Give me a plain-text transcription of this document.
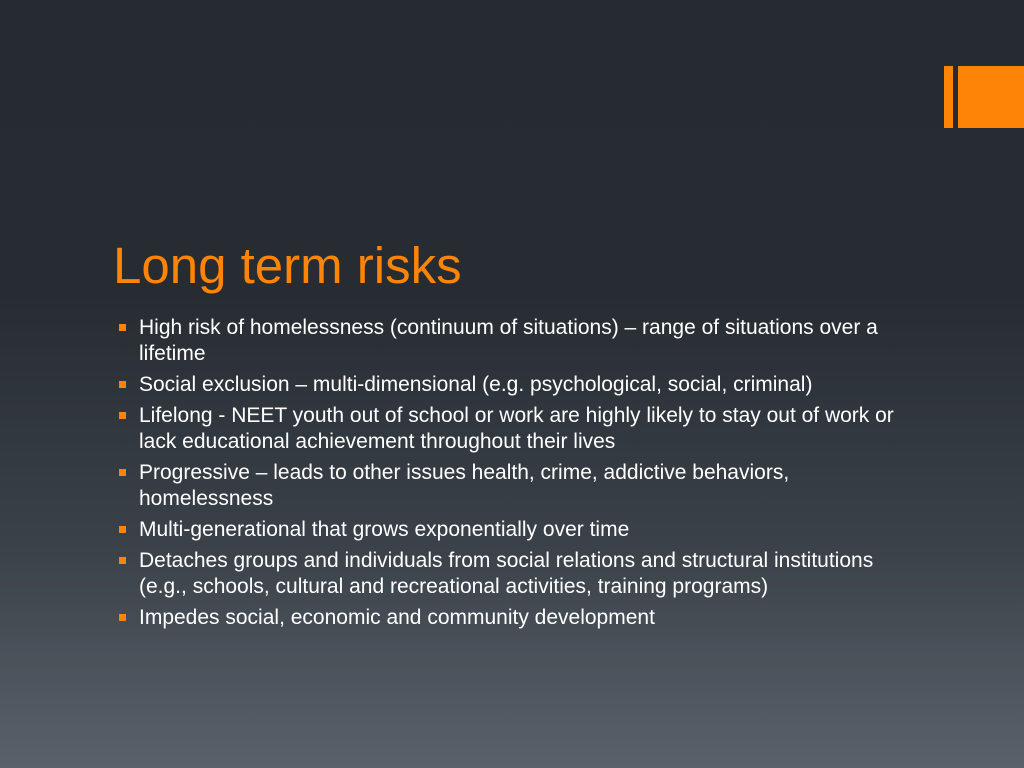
Long term risks
High risk of homelessness (continuum of situations) – range of situations over a lifetime
Social exclusion – multi-dimensional (e.g. psychological, social, criminal)
Lifelong - NEET youth out of school or work are highly likely to stay out of work or lack educational achievement throughout their lives
Progressive – leads to other issues health, crime, addictive behaviors, homelessness
Multi-generational that grows exponentially over time
Detaches groups and individuals from social relations and structural institutions (e.g., schools, cultural and recreational activities, training programs)
Impedes social, economic and community development
